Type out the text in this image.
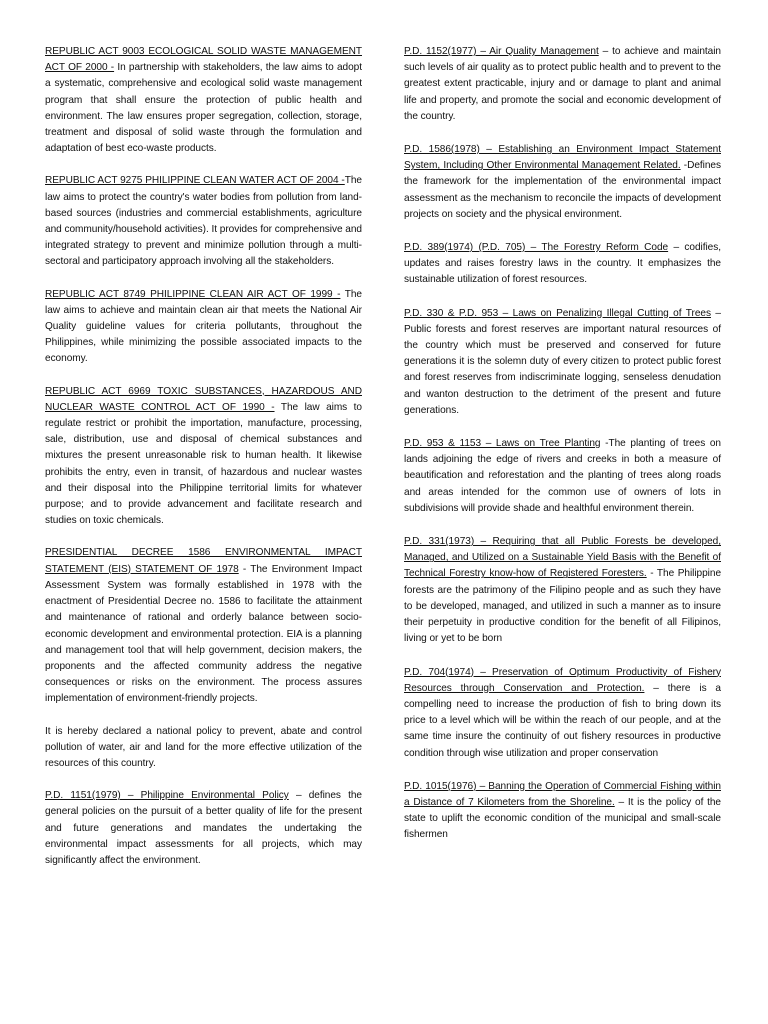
REPUBLIC ACT 9003 ECOLOGICAL SOLID WASTE MANAGEMENT ACT OF 2000 - In partnership with stakeholders, the law aims to adopt a systematic, comprehensive and ecological solid waste management program that shall ensure the protection of public health and environment. The law ensures proper segregation, collection, storage, treatment and disposal of solid waste through the formulation and adaptation of best eco-waste products.

REPUBLIC ACT 9275 PHILIPPINE CLEAN WATER ACT OF 2004 -The law aims to protect the country's water bodies from pollution from land-based sources (industries and commercial establishments, agriculture and community/household activities). It provides for comprehensive and integrated strategy to prevent and minimize pollution through a multi-sectoral and participatory approach involving all the stakeholders.

REPUBLIC ACT 8749 PHILIPPINE CLEAN AIR ACT OF 1999 - The law aims to achieve and maintain clean air that meets the National Air Quality guideline values for criteria pollutants, throughout the Philippines, while minimizing the possible associated impacts to the economy.

REPUBLIC ACT 6969 TOXIC SUBSTANCES, HAZARDOUS AND NUCLEAR WASTE CONTROL ACT OF 1990 - The law aims to regulate restrict or prohibit the importation, manufacture, processing, sale, distribution, use and disposal of chemical substances and mixtures the present unreasonable risk to human health. It likewise prohibits the entry, even in transit, of hazardous and nuclear wastes and their disposal into the Philippine territorial limits for whatever purpose; and to provide advancement and facilitate research and studies on toxic chemicals.

PRESIDENTIAL DECREE 1586 ENVIRONMENTAL IMPACT STATEMENT (EIS) STATEMENT OF 1978 - The Environment Impact Assessment System was formally established in 1978 with the enactment of Presidential Decree no. 1586 to facilitate the attainment and maintenance of rational and orderly balance between socio-economic development and environmental protection. EIA is a planning and management tool that will help government, decision makers, the proponents and the affected community address the negative consequences or risks on the environment. The process assures implementation of environment-friendly projects.

It is hereby declared a national policy to prevent, abate and control pollution of water, air and land for the more effective utilization of the resources of this country.

P.D. 1151(1979) – Philippine Environmental Policy – defines the general policies on the pursuit of a better quality of life for the present and future generations and mandates the undertaking the environmental impact assessments for all projects, which may significantly affect the environment.

P.D. 1152(1977) – Air Quality Management – to achieve and maintain such levels of air quality as to protect public health and to prevent to the greatest extent practicable, injury and or damage to plant and animal life and property, and promote the social and economic development of the country.

P.D. 1586(1978) – Establishing an Environment Impact Statement System, Including Other Environmental Management Related. -Defines the framework for the implementation of the environmental impact assessment as the mechanism to reconcile the impacts of development projects on society and the physical environment.

P.D. 389(1974) (P.D. 705) – The Forestry Reform Code – codifies, updates and raises forestry laws in the country. It emphasizes the sustainable utilization of forest resources.

P.D. 330 & P.D. 953 – Laws on Penalizing Illegal Cutting of Trees – Public forests and forest reserves are important natural resources of the country which must be preserved and conserved for future generations it is the solemn duty of every citizen to protect public forest and forest reserves from indiscriminate logging, senseless denudation and wanton destruction to the detriment of the present and future generations.

P.D. 953 & 1153 – Laws on Tree Planting -The planting of trees on lands adjoining the edge of rivers and creeks in both a measure of beautification and reforestation and the planting of trees along roads and areas intended for the common use of owners of lots in subdivisions will provide shade and healthful environment therein.

P.D. 331(1973) – Requiring that all Public Forests be developed, Managed, and Utilized on a Sustainable Yield Basis with the Benefit of Technical Forestry know-how of Registered Foresters. - The Philippine forests are the patrimony of the Filipino people and as such they have to be developed, managed, and utilized in such a manner as to insure their perpetuity in productive condition for the benefit of all Filipinos, living or yet to be born

P.D. 704(1974) – Preservation of Optimum Productivity of Fishery Resources through Conservation and Protection. – there is a compelling need to increase the production of fish to bring down its price to a level which will be within the reach of our people, and at the same time insure the continuity of out fishery resources in productive condition through wise utilization and proper conservation

P.D. 1015(1976) – Banning the Operation of Commercial Fishing within a Distance of 7 Kilometers from the Shoreline. – It is the policy of the state to uplift the economic condition of the municipal and small-scale fishermen
